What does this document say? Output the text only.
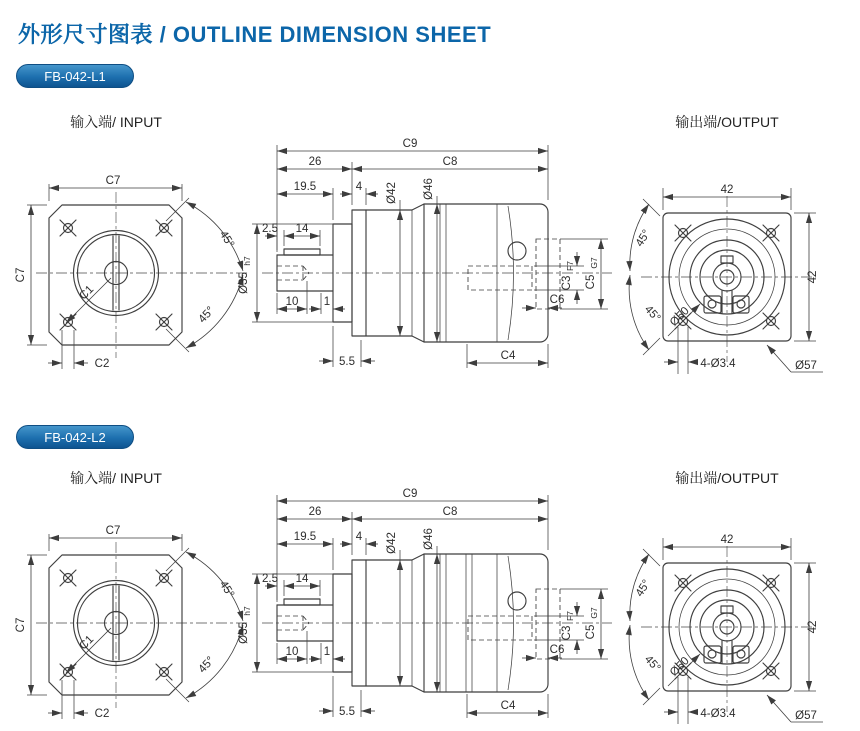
外形尺寸图表 / OUTLINE DIMENSION SHEET
FB-042-L1
FB-042-L2
输入端/ INPUT	输出端/OUTPUT
输入端/ INPUT	输出端/OUTPUT
C7
C7
C1
C2
45°
45°
C9
26	C8
19.5	4 Ø42 Ø46
Ø35
h7
2.5 14
10 1
5.5	C4
C3
F7
C5
G7
C6
42
42
45°
45° Ø50
4-Ø3.4	Ø57
C7
C7
C1
C2
45°
45°
C9
26	C8
19.5	4 Ø42 Ø46
Ø35
h7
2.5 14
10 1
5.5	C4
C3
F7
C5
G7
C6
42
42
45°
45° Ø50
4-Ø3.4	Ø57
